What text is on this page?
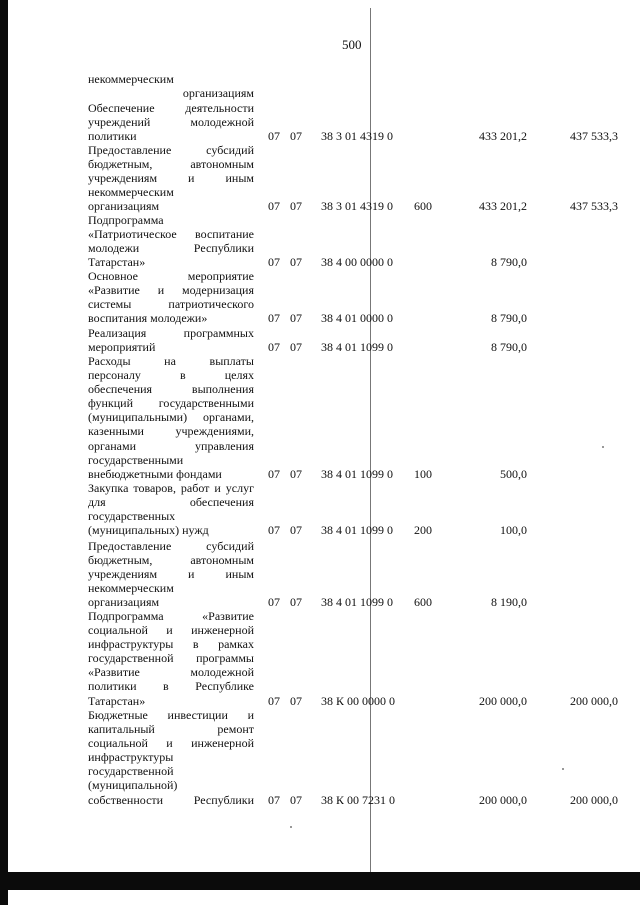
500
некоммерческим
организациям
Обеспечение деятельности
учреждений молодежной
политики	07 07 38 3 01 4319 0	433 201,2	437 533,3
Предоставление субсидий
бюджетным, автономным
учреждениям и иным
некоммерческим
организациям	07 07 38 3 01 4319 0 600	433 201,2	437 533,3
Подпрограмма
«Патриотическое воспитание
молодежи Республики
Татарстан»	07 07 38 4 00 0000 0	8 790,0
Основное мероприятие
«Развитие и модернизация
системы патриотического
воспитания молодежи»	07 07 38 4 01 0000 0	8 790,0
Реализация программных
мероприятий	07 07 38 4 01 1099 0	8 790,0
Расходы на выплаты
персоналу в целях
обеспечения выполнения
функций государственными
(муниципальными) органами,
казенными учреждениями,
органами управления
государственными
внебюджетными фондами	07 07 38 4 01 1099 0 100	500,0
Закупка товаров, работ и услуг
для обеспечения
государственных
(муниципальных) нужд	07 07 38 4 01 1099 0 200	100,0
Предоставление субсидий
бюджетным, автономным
учреждениям и иным
некоммерческим
организациям	07 07 38 4 01 1099 0 600	8 190,0
Подпрограмма «Развитие
социальной и инженерной
инфраструктуры в рамках
государственной программы
«Развитие молодежной
политики в Республике
Татарстан»	07 07 38 К 00 0000 0	200 000,0	200 000,0
Бюджетные инвестиции и
капитальный ремонт
социальной и инженерной
инфраструктуры
государственной
(муниципальной)
собственности Республики 07 07 38 К 00 7231 0	200 000,0	200 000,0
